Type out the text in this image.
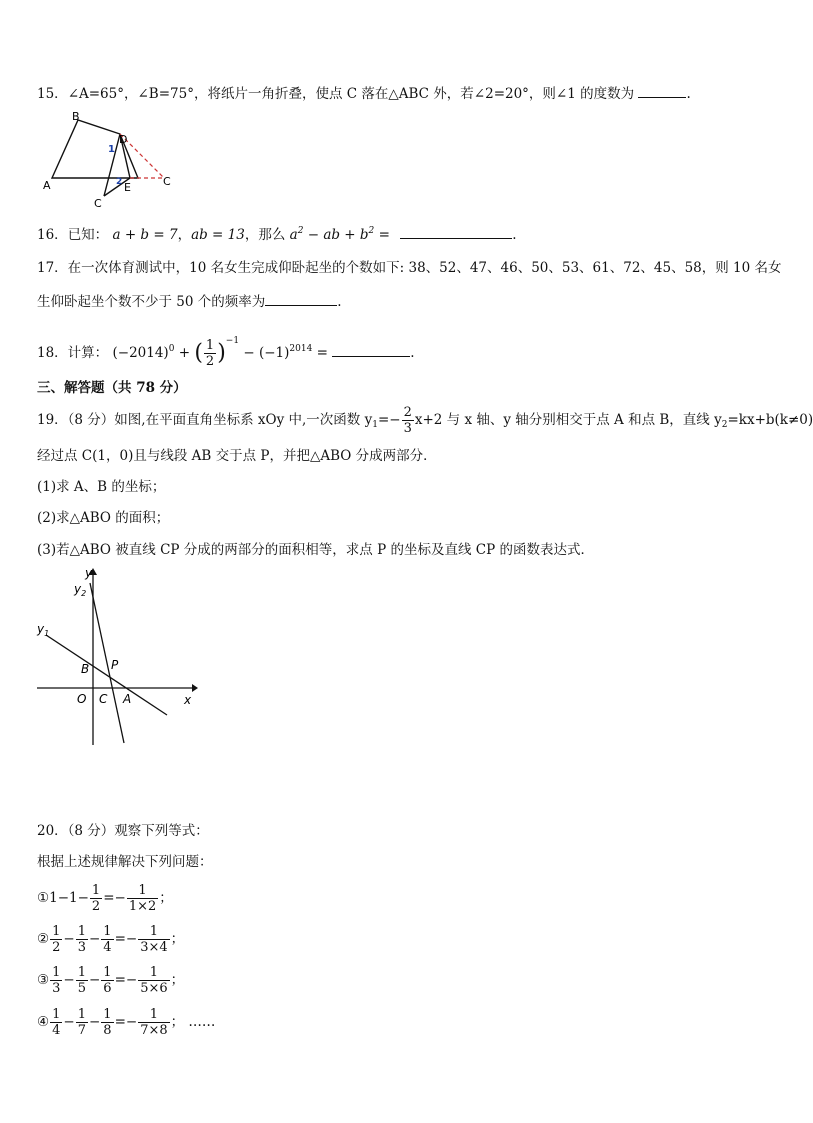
15．∠A=65°，∠B=75°，将纸片一角折叠，使点 C 落在△ABC 外，若∠2=20°，则∠1 的度数为	.
B
D
1
2
A	E	C
C
16．已知： a + b = 7，ab = 13，那么 $a^2$ − ab + $b^2$ =	.
17．在一次体育测试中，10 名女生完成仰卧起坐的个数如下: 38、52、47、46、50、53、61、72、45、58，则 10 名女
生仰卧起坐个数不少于 50 个的频率为	.
18．计算： $(-2014)^0$ + ( $\frac{1}{2} )^{-1} - (-1)^{2014}$ =	.
三、解答题（共 78 分）
19．（8 分）如图,在平面直角坐标系 xOy 中,一次函数 $y_1=- \frac{2}{3} x+2$ 与 x 轴、y 轴分别相交于点 A 和点 B，直线 $y_2=kx+b(k\ne 0)$
经过点 C(1，0)且与线段 AB 交于点 P，并把△ABO 分成两部分．
(1)求 A、B 的坐标；
(2)求△ABO 的面积；
(3)若△ABO 被直线 CP 分成的两部分的面积相等，求点 P 的坐标及直线 CP 的函数表达式．
y
$y_2$
$y_1$
B P
O C A	x
20．（8 分）观察下列等式：
根据上述规律解决下列问题：
①1−1− $\frac{1}{2} =- \frac{1}{1\times 2}$ ；
② $\frac{1}{2} - \frac{1}{3} - \frac{1}{4} =- \frac{1}{3\times 4}$ ；
③ $\frac{1}{3} - \frac{1}{5} - \frac{1}{6} =- \frac{1}{5\times 6}$ ；
④ $\frac{1}{4} - \frac{1}{7} - \frac{1}{8} =- \frac{1}{7\times 8}$ ； ……
